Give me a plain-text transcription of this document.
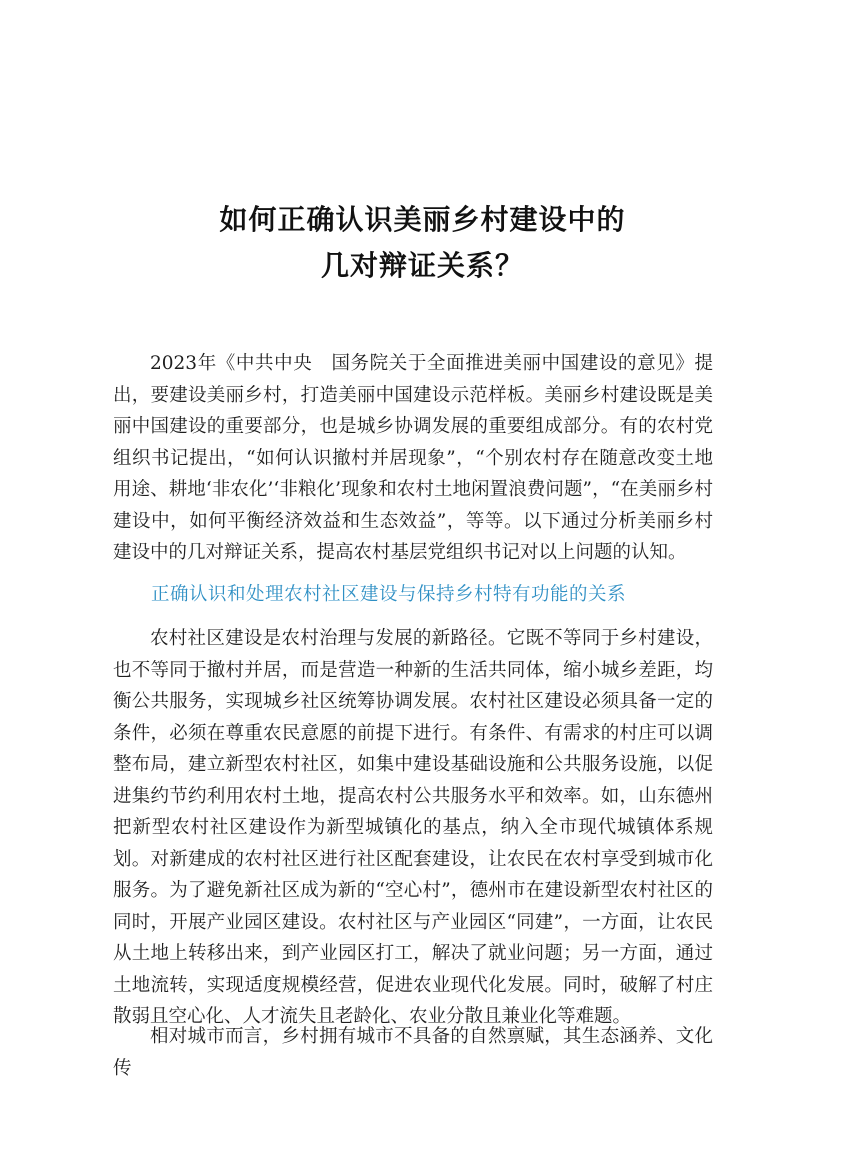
如何正确认识美丽乡村建设中的
几对辩证关系？

2023年《中共中央　国务院关于全面推进美丽中国建设的意见》提出，要建设美丽乡村，打造美丽中国建设示范样板。美丽乡村建设既是美丽中国建设的重要部分，也是城乡协调发展的重要组成部分。有的农村党组织书记提出，“如何认识撤村并居现象”，“个别农村存在随意改变土地用途、耕地‘非农化’‘非粮化’现象和农村土地闲置浪费问题”，“在美丽乡村建设中，如何平衡经济效益和生态效益”，等等。以下通过分析美丽乡村建设中的几对辩证关系，提高农村基层党组织书记对以上问题的认知。

正确认识和处理农村社区建设与保持乡村特有功能的关系

农村社区建设是农村治理与发展的新路径。它既不等同于乡村建设，也不等同于撤村并居，而是营造一种新的生活共同体，缩小城乡差距，均衡公共服务，实现城乡社区统筹协调发展。农村社区建设必须具备一定的条件，必须在尊重农民意愿的前提下进行。有条件、有需求的村庄可以调整布局，建立新型农村社区，如集中建设基础设施和公共服务设施，以促进集约节约利用农村土地，提高农村公共服务水平和效率。如，山东德州把新型农村社区建设作为新型城镇化的基点，纳入全市现代城镇体系规划。对新建成的农村社区进行社区配套建设，让农民在农村享受到城市化服务。为了避免新社区成为新的“空心村”，德州市在建设新型农村社区的同时，开展产业园区建设。农村社区与产业园区“同建”，一方面，让农民从土地上转移出来，到产业园区打工，解决了就业问题；另一方面，通过土地流转，实现适度规模经营，促进农业现代化发展。同时，破解了村庄散弱且空心化、人才流失且老龄化、农业分散且兼业化等难题。

相对城市而言，乡村拥有城市不具备的自然禀赋，其生态涵养、文化传
